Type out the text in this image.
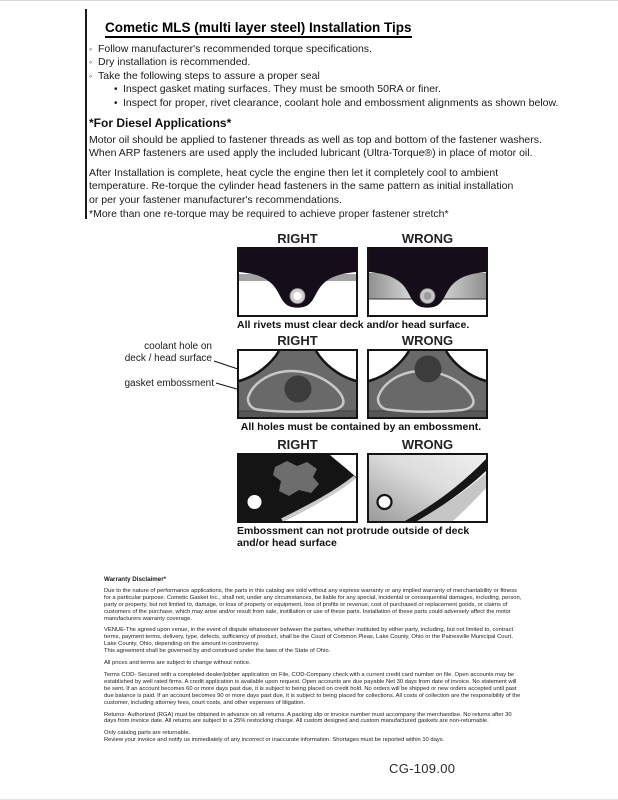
Cometic MLS (multi layer steel) Installation Tips
◦ Follow manufacturer's recommended torque specifications.
◦ Dry installation is recommended.
◦ Take the following steps to assure a proper seal
• Inspect gasket mating surfaces. They must be smooth 50RA or finer.
• Inspect for proper, rivet clearance, coolant hole and embossment alignments as shown below.
*For Diesel Applications*
Motor oil should be applied to fastener threads as well as top and bottom of the fastener washers.
When ARP fasteners are used apply the included lubricant (Ultra-Torque®) in place of motor oil.
After Installation is complete, heat cycle the engine then let it completely cool to ambient
temperature. Re-torque the cylinder head fasteners in the same pattern as initial installation
or per your fastener manufacturer's recommendations.
*More than one re-torque may be required to achieve proper fastener stretch*
RIGHT	WRONG
All rivets must clear deck and/or head surface.
RIGHT	WRONG
coolant hole on
deck / head surface
gasket embossment
All holes must be contained by an embossment.
RIGHT	WRONG
Embossment can not protrude outside of deck and/or head surface

Warranty Disclaimer*

Due to the nature of performance applications, the parts in this catalog are sold without any express warranty or any implied warranty of merchantability or fitness for a particular purpose. Cometic Gasket Inc., shall not, under any circumstances, be liable for any special, incidental or consequential damages, including, person, party or property, but not limited to, damage, or loss of property or equipment, loss of profits or revenue, cost of purchased or replacement goods, or claims of customers of the purchase, which may arise and/or result from sale, instillation or use of these parts. Installation of these parts could adversely affect the motor manufacturers warranty coverage.

VENUE-The agreed upon venue, in the event of dispute whatsoever between the parties, whether instituted by either party, including, but not limited to, contract terms, payment terms, delivery, type, defects, sufficiency of product, shall be the Court of Common Pleas, Lake County, Ohio or the Painesville Municipal Court, Lake County, Ohio, depending on the amount in controversy.

This agreement shall be governed by and construed under the laws of the State of Ohio.

All prices and terms are subject to change without notice.

Terms COD- Secured with a completed dealer/jobber application on File, COD-Company check with a current credit card number on file. Open accounts may be established by well rated firms. A credit application is available upon request. Open accounts are due payable Net 30 days from date of invoice. No statement will be sent. If an account becomes 60 or more days past due, it is subject to being placed on credit hold. No orders will be shipped or new orders accepted until past due balance is paid. If an account becomes 90 or more days past due, it is subject to being placed for collections. All costs of collection are the responsibility of the customer, including attorney fees, court costs, and other expenses of litigation.

Returns- Authorized (RGA) must be obtained in advance on all returns. A packing slip or invoice number must accompany the merchandise. No returns after 30 days from invoice date. All returns are subject to a 25% restocking charge. All custom designed and custom manufactured gaskets are non-returnable.

Only catalog parts are returnable.

Review your invoice and notify us immediately of any incorrect or inaccurate information. Shortages must be reported within 10 days.

CG-109.00
